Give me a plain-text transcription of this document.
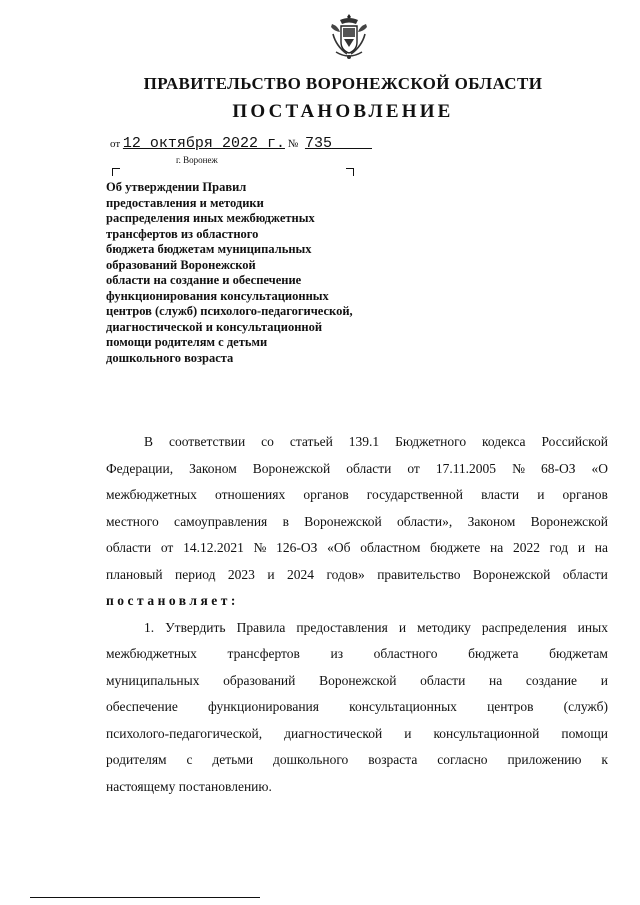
ПРАВИТЕЛЬСТВО ВОРОНЕЖСКОЙ ОБЛАСТИ
ПОСТАНОВЛЕНИЕ
от 12 октября 2022 г. № 735
г. Воронеж
Об утверждении Правил
предоставления и методики
распределения иных межбюджетных
трансфертов из областного
бюджета бюджетам муниципальных
образований Воронежской
области на создание и обеспечение
функционирования консультационных
центров (служб) психолого-педагогической,
диагностической и консультационной
помощи родителям с детьми
дошкольного возраста
В соответствии со статьей 139.1 Бюджетного кодекса Российской
Федерации, Законом Воронежской области от 17.11.2005 № 68-ОЗ «О
межбюджетных отношениях органов государственной власти и органов
местного самоуправления в Воронежской области», Законом Воронежской
области от 14.12.2021 № 126-ОЗ «Об областном бюджете на 2022 год и на
плановый период 2023 и 2024 годов» правительство Воронежской области
постановляет:
1. Утвердить Правила предоставления и методику распределения иных
межбюджетных трансфертов из областного бюджета бюджетам
муниципальных образований Воронежской области на создание и
обеспечение функционирования консультационных центров (служб)
психолого-педагогической, диагностической и консультационной помощи
родителям с детьми дошкольного возраста согласно приложению к
настоящему постановлению.
